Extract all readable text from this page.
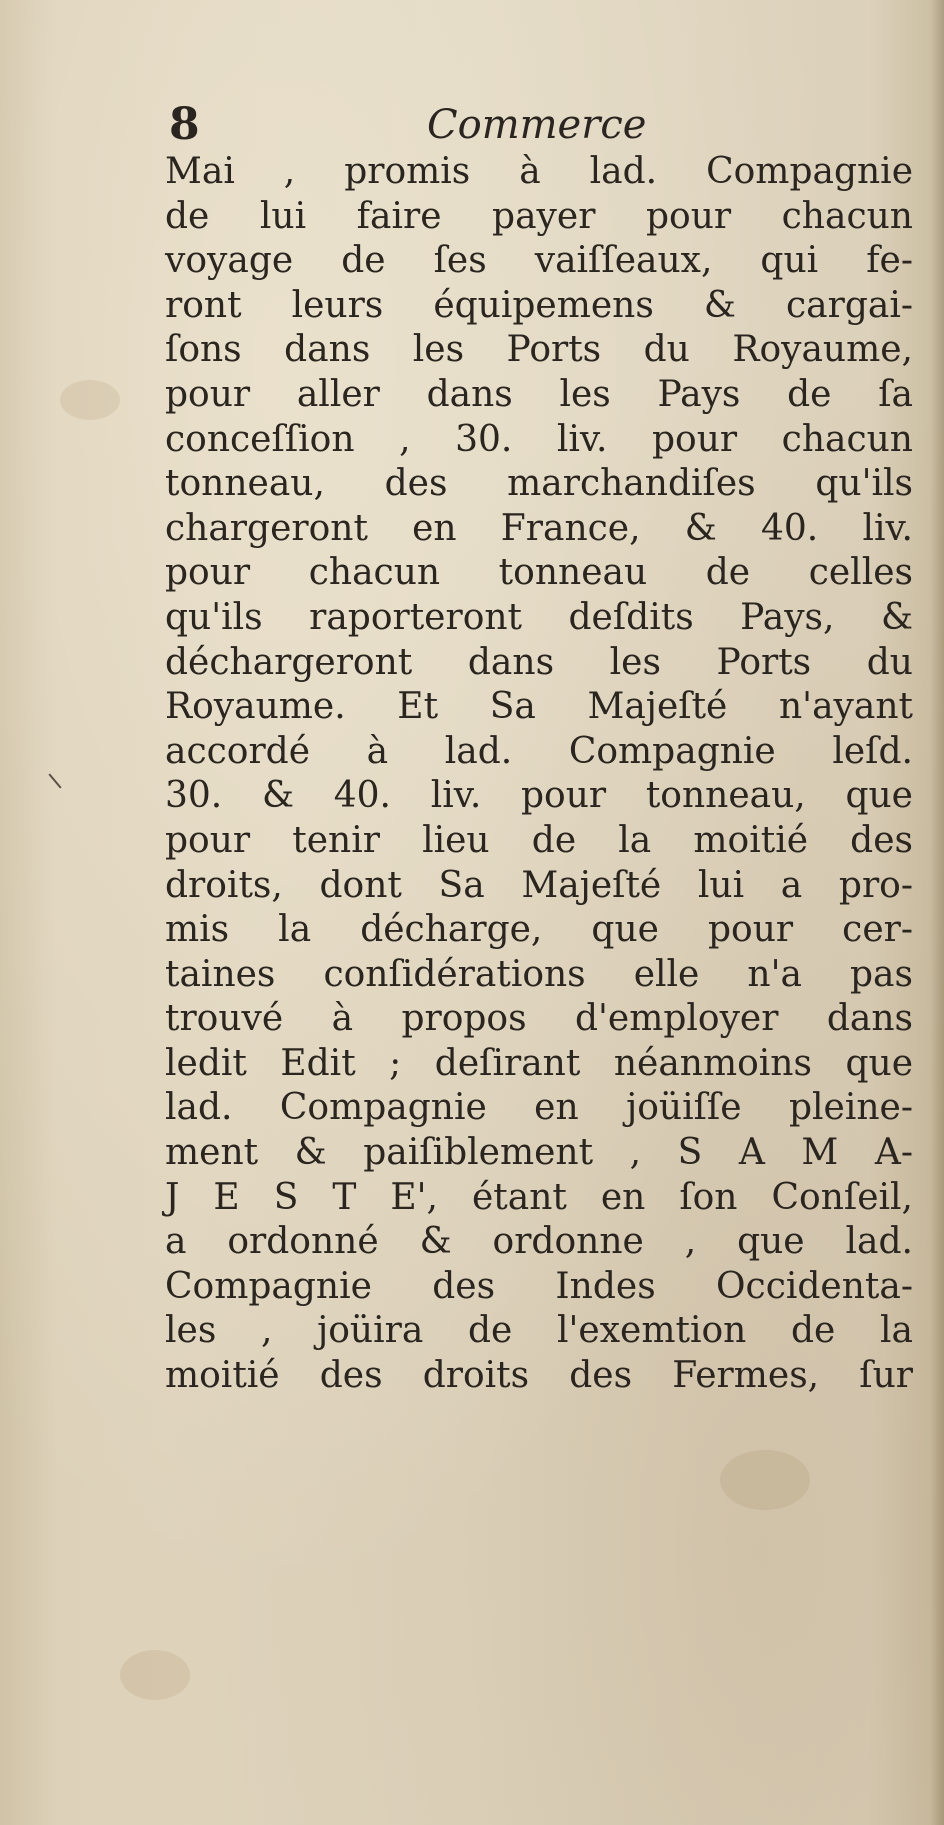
8	Commerce
Mai , promis à lad. Compagnie
de lui faire payer pour chacun
voyage de ſes vaiſſeaux, qui fe-
ront leurs équipemens & cargai-
ſons dans les Ports du Royaume,
pour aller dans les Pays de ſa
conceſſion , 30. liv. pour chacun
tonneau, des marchandiſes qu'ils
chargeront en France, & 40. liv.
pour chacun tonneau de celles
qu'ils raporteront deſdits Pays, &
déchargeront dans les Ports du
Royaume. Et Sa Majeſté n'ayant
accordé à lad. Compagnie leſd.
30. & 40. liv. pour tonneau, que
pour tenir lieu de la moitié des
droits, dont Sa Majeſté lui a pro-
mis la décharge, que pour cer-
taines conſidérations elle n'a pas
trouvé à propos d'employer dans
ledit Edit ; deſirant néanmoins que
lad. Compagnie en joüiſſe pleine-
ment & paiſiblement , S A M A-
J E S T E', étant en ſon Conſeil,
a ordonné & ordonne , que lad.
Compagnie des Indes Occidenta-
les , joüira de l'exemtion de la
moitié des droits des Fermes, ſur
